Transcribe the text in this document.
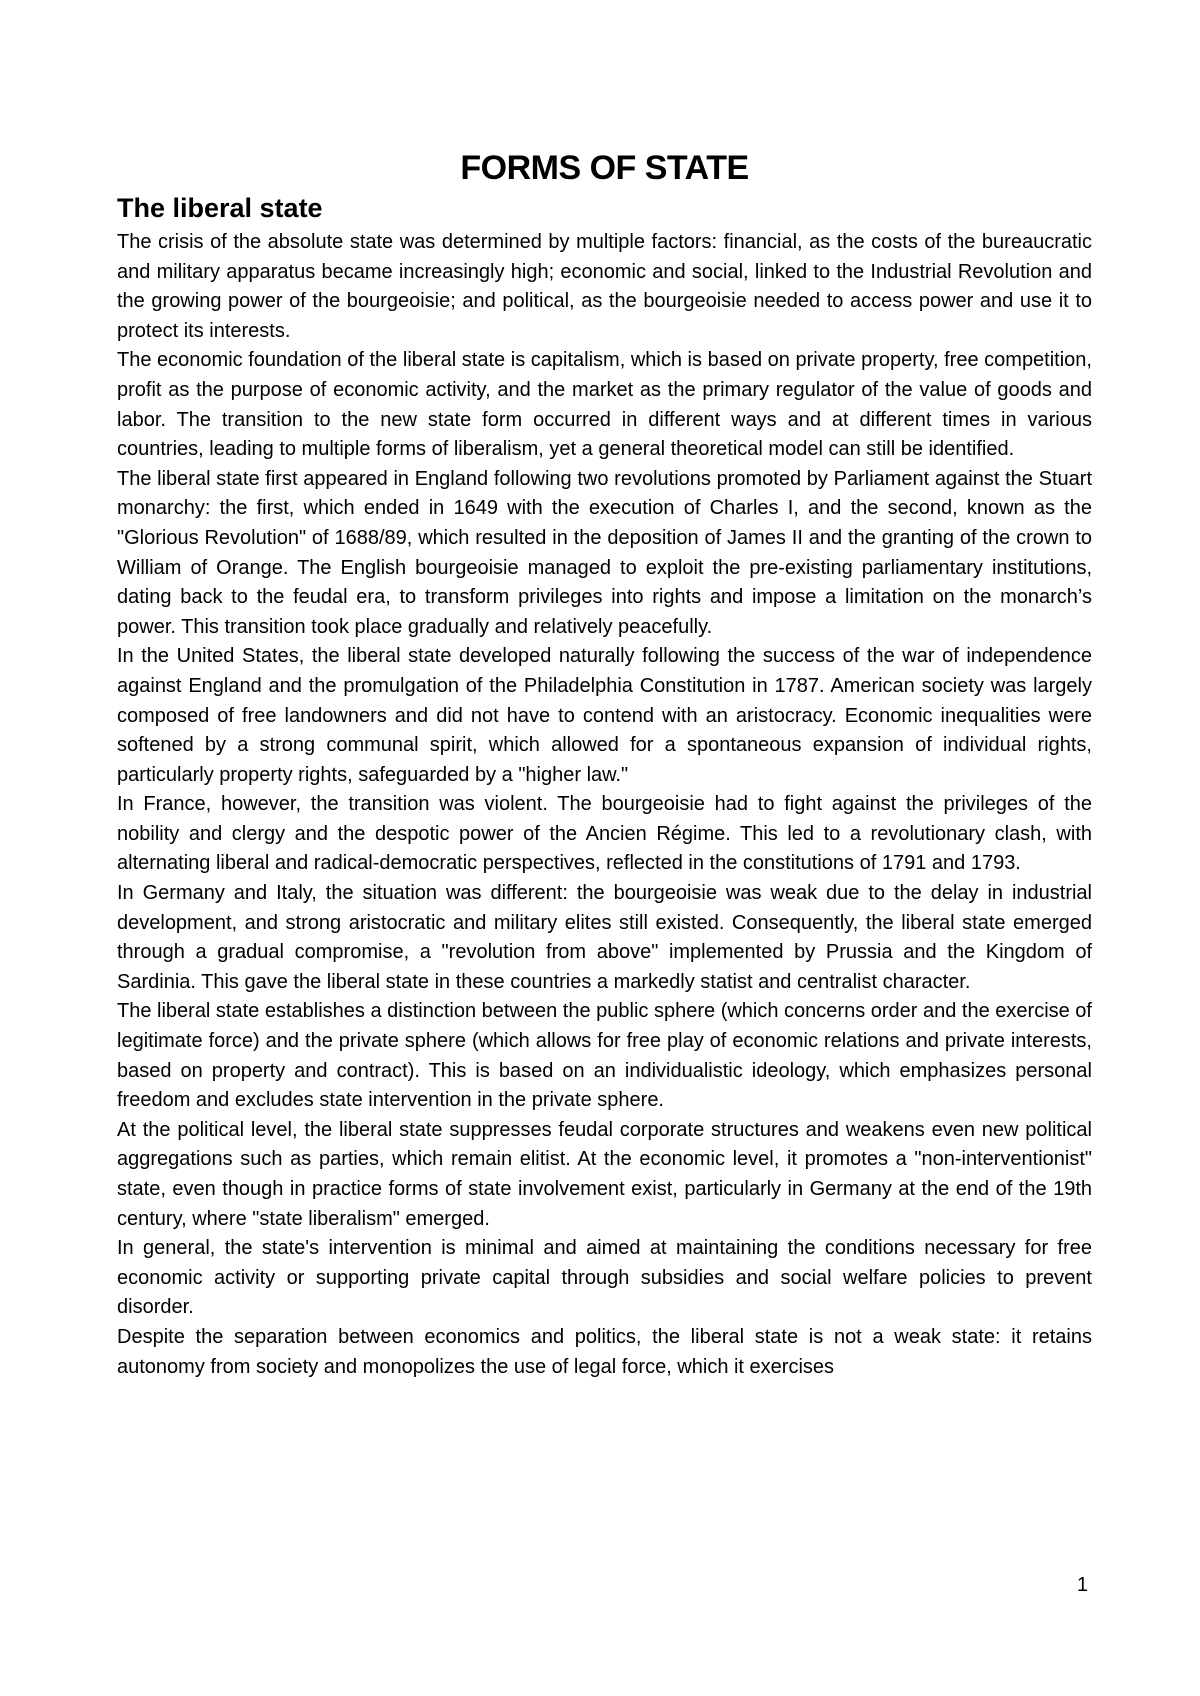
FORMS OF STATE
The liberal state

The crisis of the absolute state was determined by multiple factors: financial, as the costs of the bureaucratic and military apparatus became increasingly high; economic and social, linked to the Industrial Revolution and the growing power of the bourgeoisie; and political, as the bourgeoisie needed to access power and use it to protect its interests.

The economic foundation of the liberal state is capitalism, which is based on private property, free competition, profit as the purpose of economic activity, and the market as the primary regulator of the value of goods and labor. The transition to the new state form occurred in different ways and at different times in various countries, leading to multiple forms of liberalism, yet a general theoretical model can still be identified.

The liberal state first appeared in England following two revolutions promoted by Parliament against the Stuart monarchy: the first, which ended in 1649 with the execution of Charles I, and the second, known as the "Glorious Revolution" of 1688/89, which resulted in the deposition of James II and the granting of the crown to William of Orange. The English bourgeoisie managed to exploit the pre-existing parliamentary institutions, dating back to the feudal era, to transform privileges into rights and impose a limitation on the monarch’s power. This transition took place gradually and relatively peacefully.

In the United States, the liberal state developed naturally following the success of the war of independence against England and the promulgation of the Philadelphia Constitution in 1787. American society was largely composed of free landowners and did not have to contend with an aristocracy. Economic inequalities were softened by a strong communal spirit, which allowed for a spontaneous expansion of individual rights, particularly property rights, safeguarded by a "higher law."

In France, however, the transition was violent. The bourgeoisie had to fight against the privileges of the nobility and clergy and the despotic power of the Ancien Régime. This led to a revolutionary clash, with alternating liberal and radical-democratic perspectives, reflected in the constitutions of 1791 and 1793.

In Germany and Italy, the situation was different: the bourgeoisie was weak due to the delay in industrial development, and strong aristocratic and military elites still existed. Consequently, the liberal state emerged through a gradual compromise, a "revolution from above" implemented by Prussia and the Kingdom of Sardinia. This gave the liberal state in these countries a markedly statist and centralist character.

The liberal state establishes a distinction between the public sphere (which concerns order and the exercise of legitimate force) and the private sphere (which allows for free play of economic relations and private interests, based on property and contract). This is based on an individualistic ideology, which emphasizes personal freedom and excludes state intervention in the private sphere.

At the political level, the liberal state suppresses feudal corporate structures and weakens even new political aggregations such as parties, which remain elitist. At the economic level, it promotes a "non-interventionist" state, even though in practice forms of state involvement exist, particularly in Germany at the end of the 19th century, where "state liberalism" emerged.

In general, the state's intervention is minimal and aimed at maintaining the conditions necessary for free economic activity or supporting private capital through subsidies and social welfare policies to prevent disorder.

Despite the separation between economics and politics, the liberal state is not a weak state: it retains autonomy from society and monopolizes the use of legal force, which it exercises

1
